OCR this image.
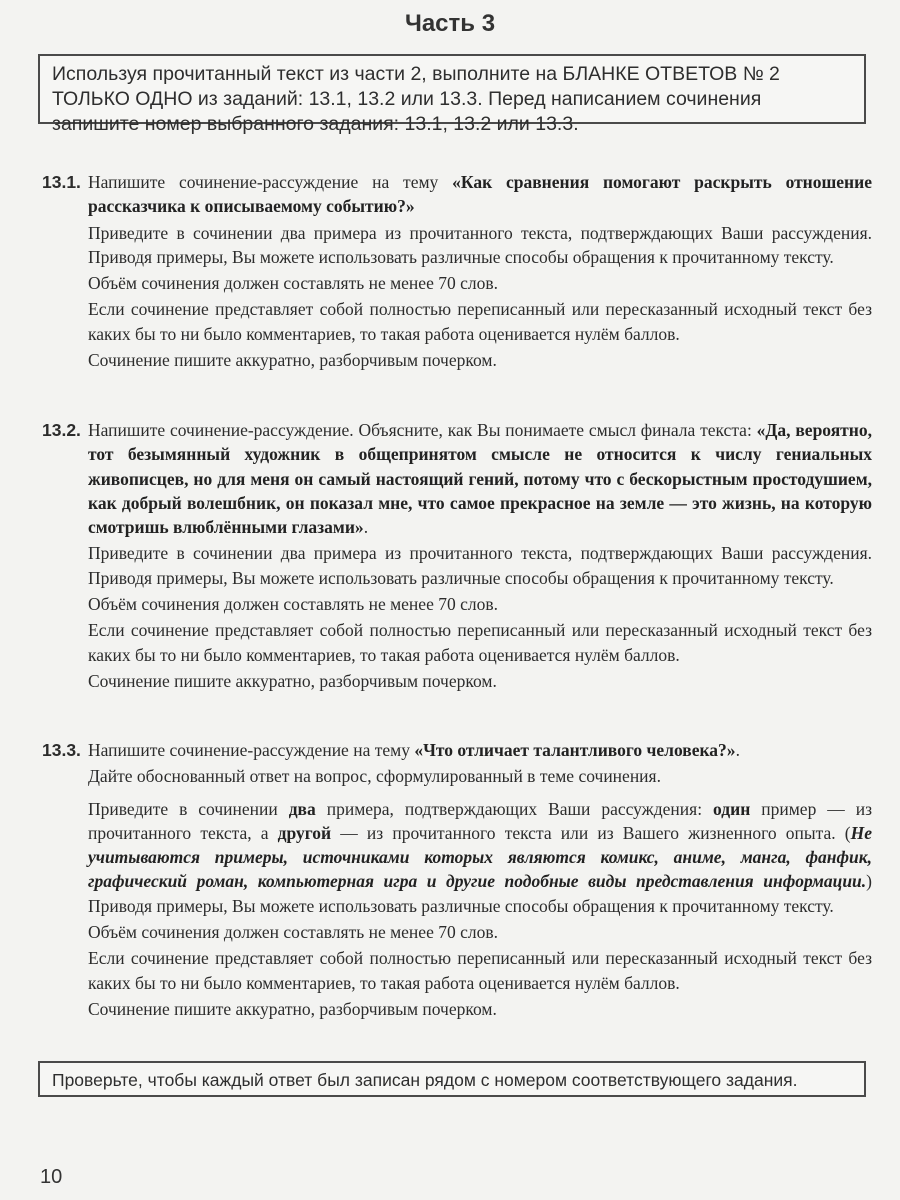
Часть 3
Используя прочитанный текст из части 2, выполните на БЛАНКЕ ОТВЕТОВ № 2 ТОЛЬКО ОДНО из заданий: 13.1, 13.2 или 13.3. Перед написанием сочинения запишите номер выбранного задания: 13.1, 13.2 или 13.3.
13.1. Напишите сочинение-рассуждение на тему «Как сравнения помогают раскрыть отношение рассказчика к описываемому событию?»

Приведите в сочинении два примера из прочитанного текста, подтверждающих Ваши рассуждения. Приводя примеры, Вы можете использовать различные способы обращения к прочитанному тексту.

Объём сочинения должен составлять не менее 70 слов.

Если сочинение представляет собой полностью переписанный или пересказанный исходный текст без каких бы то ни было комментариев, то такая работа оценивается нулём баллов.

Сочинение пишите аккуратно, разборчивым почерком.

13.2. Напишите сочинение-рассуждение. Объясните, как Вы понимаете смысл финала текста: «Да, вероятно, тот безымянный художник в общепринятом смысле не относится к числу гениальных живописцев, но для меня он самый настоящий гений, потому что с бескорыстным простодушием, как добрый волешбник, он показал мне, что самое прекрасное на земле — это жизнь, на которую смотришь влюблёнными глазами».

Приведите в сочинении два примера из прочитанного текста, подтверждающих Ваши рассуждения. Приводя примеры, Вы можете использовать различные способы обращения к прочитанному тексту.

Объём сочинения должен составлять не менее 70 слов.

Если сочинение представляет собой полностью переписанный или пересказанный исходный текст без каких бы то ни было комментариев, то такая работа оценивается нулём баллов.

Сочинение пишите аккуратно, разборчивым почерком.

13.3. Напишите сочинение-рассуждение на тему «Что отличает талантливого человека?».

Дайте обоснованный ответ на вопрос, сформулированный в теме сочинения.

Приведите в сочинении два примера, подтверждающих Ваши рассуждения: один пример — из прочитанного текста, а другой — из прочитанного текста или из Вашего жизненного опыта. (Не учитываются примеры, источниками которых являются комикс, аниме, манга, фанфик, графический роман, компьютерная игра и другие подобные виды представления информации.) Приводя примеры, Вы можете использовать различные способы обращения к прочитанному тексту.

Объём сочинения должен составлять не менее 70 слов.

Если сочинение представляет собой полностью переписанный или пересказанный исходный текст без каких бы то ни было комментариев, то такая работа оценивается нулём баллов.

Сочинение пишите аккуратно, разборчивым почерком.

Проверьте, чтобы каждый ответ был записан рядом с номером соответствующего задания.
10
